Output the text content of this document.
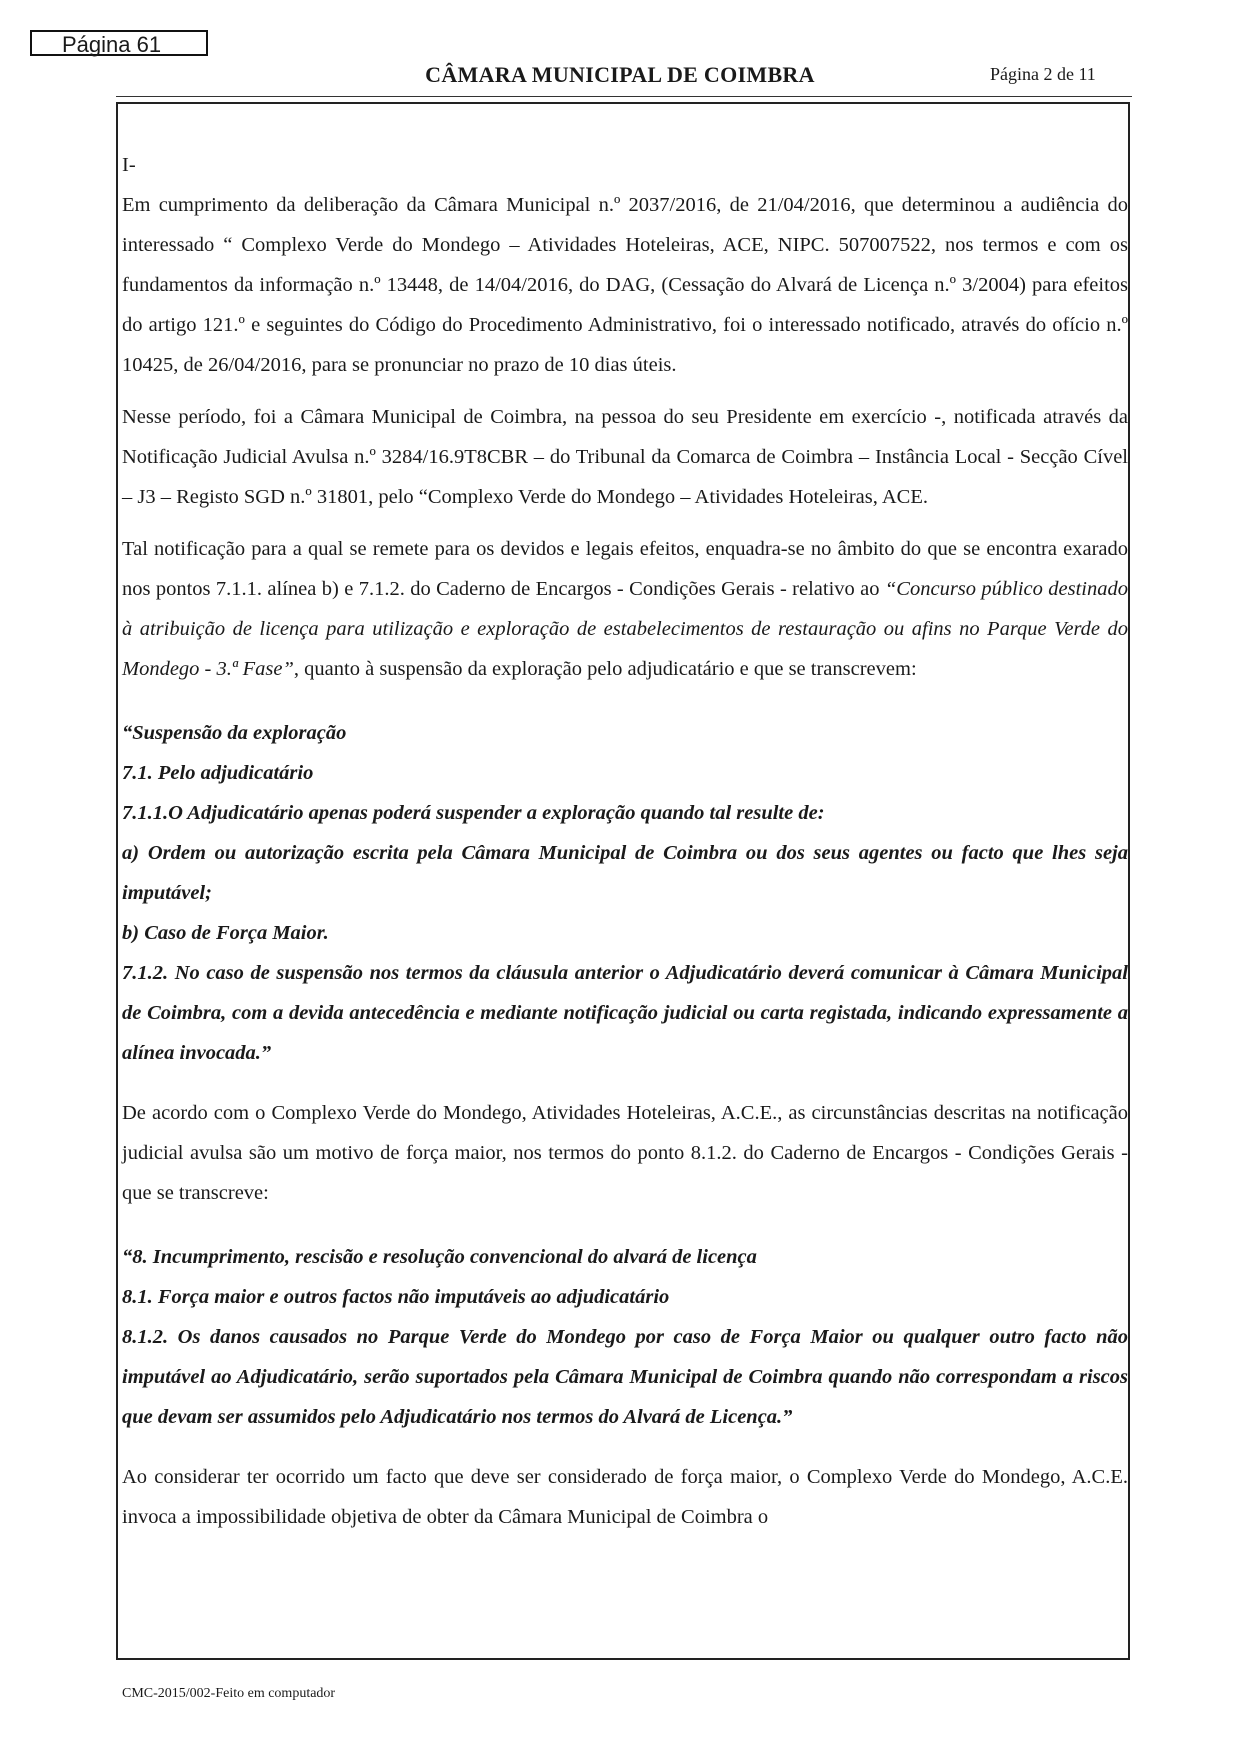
Página 61
CÂMARA MUNICIPAL DE COIMBRA	Página 2 de 11

I-

Em cumprimento da deliberação da Câmara Municipal n.º 2037/2016, de 21/04/2016, que determinou a audiência do interessado “ Complexo Verde do Mondego – Atividades Hoteleiras, ACE, NIPC. 507007522, nos termos e com os fundamentos da informação n.º 13448, de 14/04/2016, do DAG, (Cessação do Alvará de Licença n.º 3/2004) para efeitos do artigo 121.º e seguintes do Código do Procedimento Administrativo, foi o interessado notificado, através do ofício n.º 10425, de 26/04/2016, para se pronunciar no prazo de 10 dias úteis.

Nesse período, foi a Câmara Municipal de Coimbra, na pessoa do seu Presidente em exercício -, notificada através da Notificação Judicial Avulsa n.º 3284/16.9T8CBR – do Tribunal da Comarca de Coimbra – Instância Local - Secção Cível – J3 – Registo SGD n.º 31801, pelo “Complexo Verde do Mondego – Atividades Hoteleiras, ACE.

Tal notificação para a qual se remete para os devidos e legais efeitos, enquadra-se no âmbito do que se encontra exarado nos pontos 7.1.1. alínea b) e 7.1.2. do Caderno de Encargos - Condições Gerais - relativo ao “Concurso público destinado à atribuição de licença para utilização e exploração de estabelecimentos de restauração ou afins no Parque Verde do Mondego - 3.ª Fase”, quanto à suspensão da exploração pelo adjudicatário e que se transcrevem:

“Suspensão da exploração

7.1. Pelo adjudicatário

7.1.1.O Adjudicatário apenas poderá suspender a exploração quando tal resulte de:

a) Ordem ou autorização escrita pela Câmara Municipal de Coimbra ou dos seus agentes ou facto que lhes seja imputável;

b) Caso de Força Maior.

7.1.2. No caso de suspensão nos termos da cláusula anterior o Adjudicatário deverá comunicar à Câmara Municipal de Coimbra, com a devida antecedência e mediante notificação judicial ou carta registada, indicando expressamente a alínea invocada.”

De acordo com o Complexo Verde do Mondego, Atividades Hoteleiras, A.C.E., as circunstâncias descritas na notificação judicial avulsa são um motivo de força maior, nos termos do ponto 8.1.2. do Caderno de Encargos - Condições Gerais - que se transcreve:

“8. Incumprimento, rescisão e resolução convencional do alvará de licença

8.1. Força maior e outros factos não imputáveis ao adjudicatário

8.1.2. Os danos causados no Parque Verde do Mondego por caso de Força Maior ou qualquer outro facto não imputável ao Adjudicatário, serão suportados pela Câmara Municipal de Coimbra quando não correspondam a riscos que devam ser assumidos pelo Adjudicatário nos termos do Alvará de Licença.”

Ao considerar ter ocorrido um facto que deve ser considerado de força maior, o Complexo Verde do Mondego, A.C.E. invoca a impossibilidade objetiva de obter da Câmara Municipal de Coimbra o

CMC-2015/002-Feito em computador
